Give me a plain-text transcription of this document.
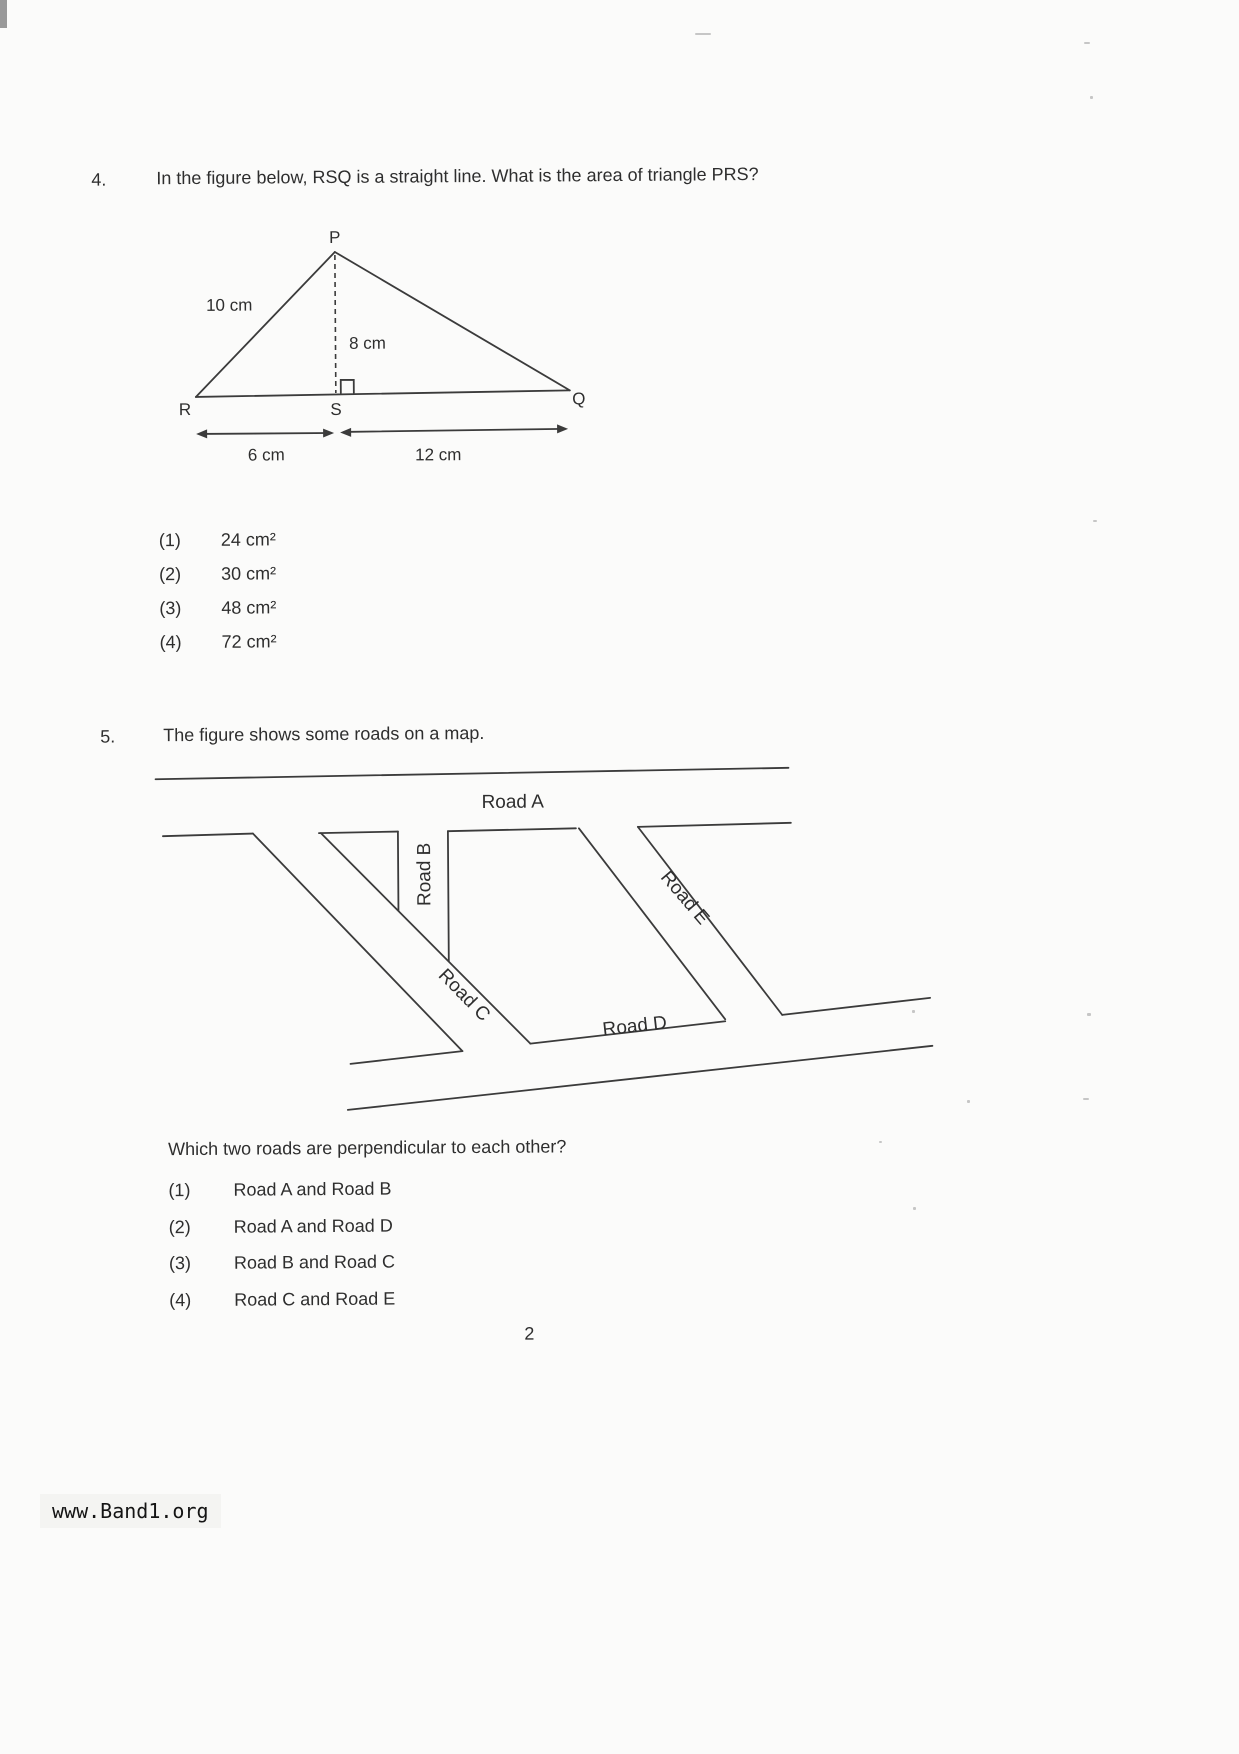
4.	In the figure below, RSQ is a straight line. What is the area of triangle PRS?
P
R	S
Q
10 cm
8 cm
6 cm	12 cm
(1)	24 cm²
(2)	30 cm²
(3)	48 cm²
(4)	72 cm²
5.	The figure shows some roads on a map.
Road A
Road B
Road C
Road D
Road E
Which two roads are perpendicular to each other?
(1)	Road A and Road B
(2)	Road A and Road D
(3)	Road B and Road C
(4)	Road C and Road E
2
www.Band1.org
